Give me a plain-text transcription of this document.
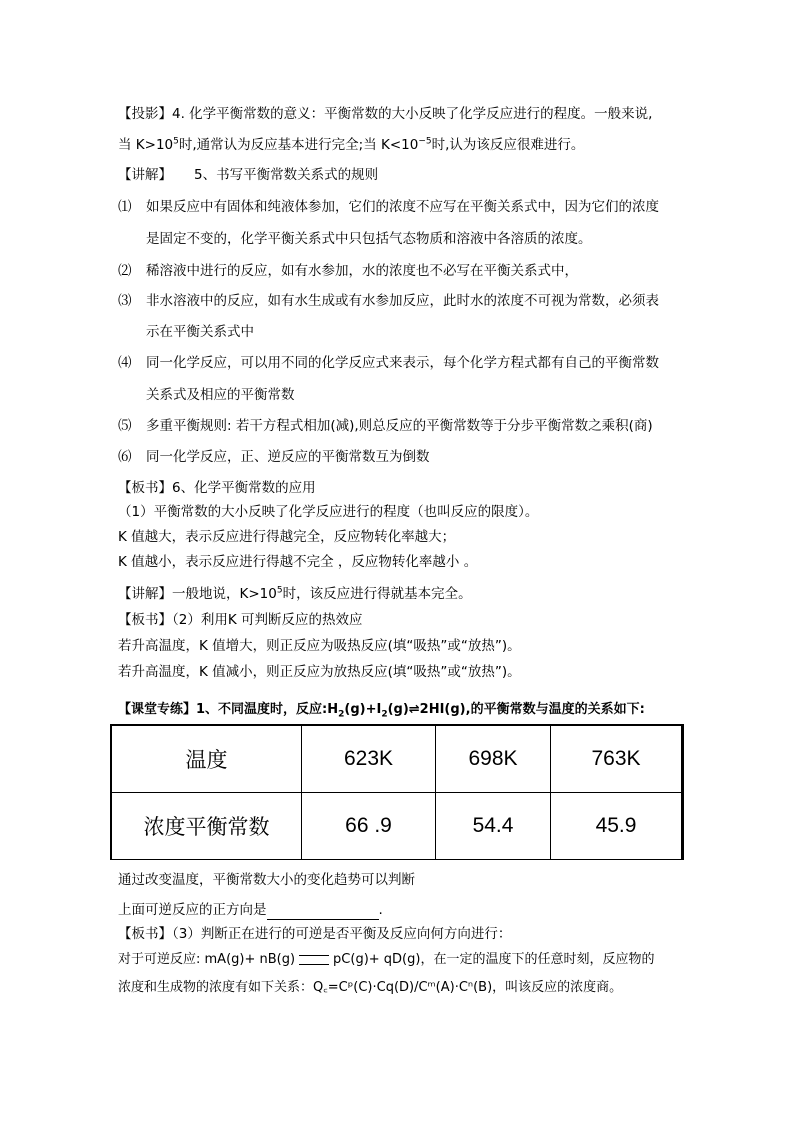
【投影】4. 化学平衡常数的意义：平衡常数的大小反映了化学反应进行的程度。一般来说,
当 $K>10^5$时,通常认为反应基本进行完全;当 $K<10^{-5}$时,认为该反应很难进行。
【讲解】 5、书写平衡常数关系式的规则
⑴ 如果反应中有固体和纯液体参加，它们的浓度不应写在平衡关系式中，因为它们的浓度
是固定不变的，化学平衡关系式中只包括气态物质和溶液中各溶质的浓度。
⑵ 稀溶液中进行的反应，如有水参加，水的浓度也不必写在平衡关系式中，
⑶ 非水溶液中的反应，如有水生成或有水参加反应，此时水的浓度不可视为常数，必须表
示在平衡关系式中
⑷ 同一化学反应，可以用不同的化学反应式来表示，每个化学方程式都有自己的平衡常数
关系式及相应的平衡常数
⑸ 多重平衡规则: 若干方程式相加(减),则总反应的平衡常数等于分步平衡常数之乘积(商)
⑹ 同一化学反应，正、逆反应的平衡常数互为倒数
【板书】6、化学平衡常数的应用
（1）平衡常数的大小反映了化学反应进行的程度（也叫反应的限度）。
K 值越大，表示反应进行得越完全，反应物转化率越大；
K 值越小，表示反应进行得越不完全 ，反应物转化率越小 。
【讲解】一般地说，$K>10^5$时，该反应进行得就基本完全。
【板书】（2）利用K 可判断反应的热效应
若升高温度，K 值增大，则正反应为吸热反应(填“吸热”或“放热”)。
若升高温度，K 值减小，则正反应为放热反应(填“吸热”或“放热”)。
【课堂专练】1、不同温度时，反应$:H_2(g)+I_2(g)\rightleftharpoons 2HI(g)$,的平衡常数与温度的关系如下:
温度	623K	698K	763K
浓度平衡常数	66 .9	54.4	45.9
通过改变温度，平衡常数大小的变化趋势可以判断
上面可逆反应的正方向是	.
【板书】（3）判断正在进行的可逆是否平衡及反应向何方向进行：
对于可逆反应: mA(g)+ nB(g)	pC(g)+ qD(g)，在一定的温度下的任意时刻，反应物的
浓度和生成物的浓度有如下关系：Q꜀=Cᵖ(C)·Cq(D)/Cᵐ(A)·Cⁿ(B)，叫该反应的浓度商。
